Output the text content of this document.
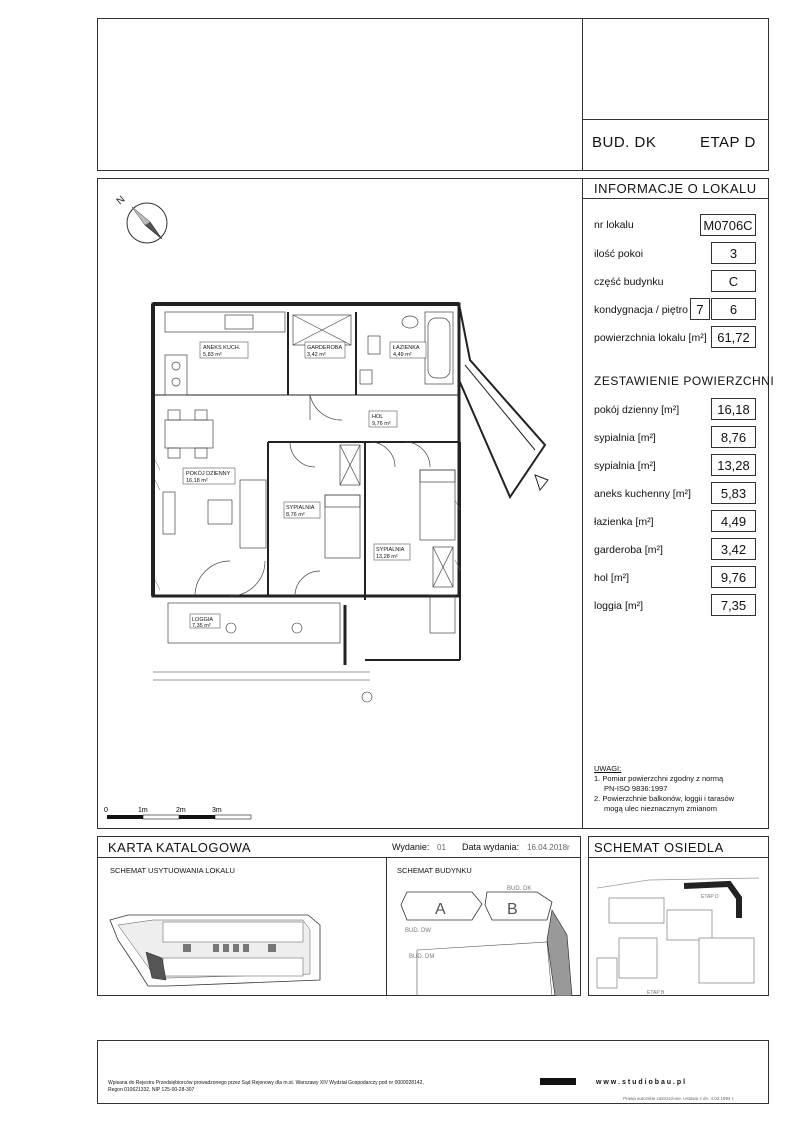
BUD. DK	ETAP D
INFORMACJE O LOKALU
nr lokalu	M0706C
ilość pokoi	3
część budynku	C
kondygnacja / piętro 7	6
powierzchnia lokalu [m²] 61,72
ZESTAWIENIE POWIERZCHNI
pokój dzienny [m²]	16,18
sypialnia [m²]	8,76
sypialnia [m²]	13,28
aneks kuchenny [m²]	5,83
łazienka [m²]	4,49
garderoba [m²]	3,42
hol [m²]	9,76
loggia [m²]	7,35
UWAGI:
1. Pomiar powierzchni zgodny z normą
PN-ISO 9836:1997
2. Powierzchnie balkonów, loggii i tarasów
mogą ulec nieznacznym zmianom
N
ANEKS KUCH.
5,83 m²
GARDEROBA
3,42 m²
ŁAZIENKA
4,49 m²
HOL
9,76 m²
POKÓJ DZIENNY
16,18 m²
SYPIALNIA
8,76 m²
SYPIALNIA
13,28 m²
LOGGIA
7,35 m²
0	1m	2m	3m
KARTA KATALOGOWA	Wydanie: 01 Data wydania: 16.04.2018r SCHEMAT OSIEDLA
SCHEMAT USYTUOWANIA LOKALU	SCHEMAT BUDYNKU
A	B
BUD. DK
BUD. DW
BUD. DM
ETAP D
ETAP B
Wpisana do Rejestru Przedsiębiorców prowadzonego przez Sąd Rejonowy dla m.st. Warszawy XIV Wydział Gospodarczy pod nr 0000028142,
Regon 010621332, NIP 125-00-28-307
w w w . s t u d i o b a u . p l
Prawa autorskie zastrzeżone. Ustawa z dn. 4.02.1994 r.
